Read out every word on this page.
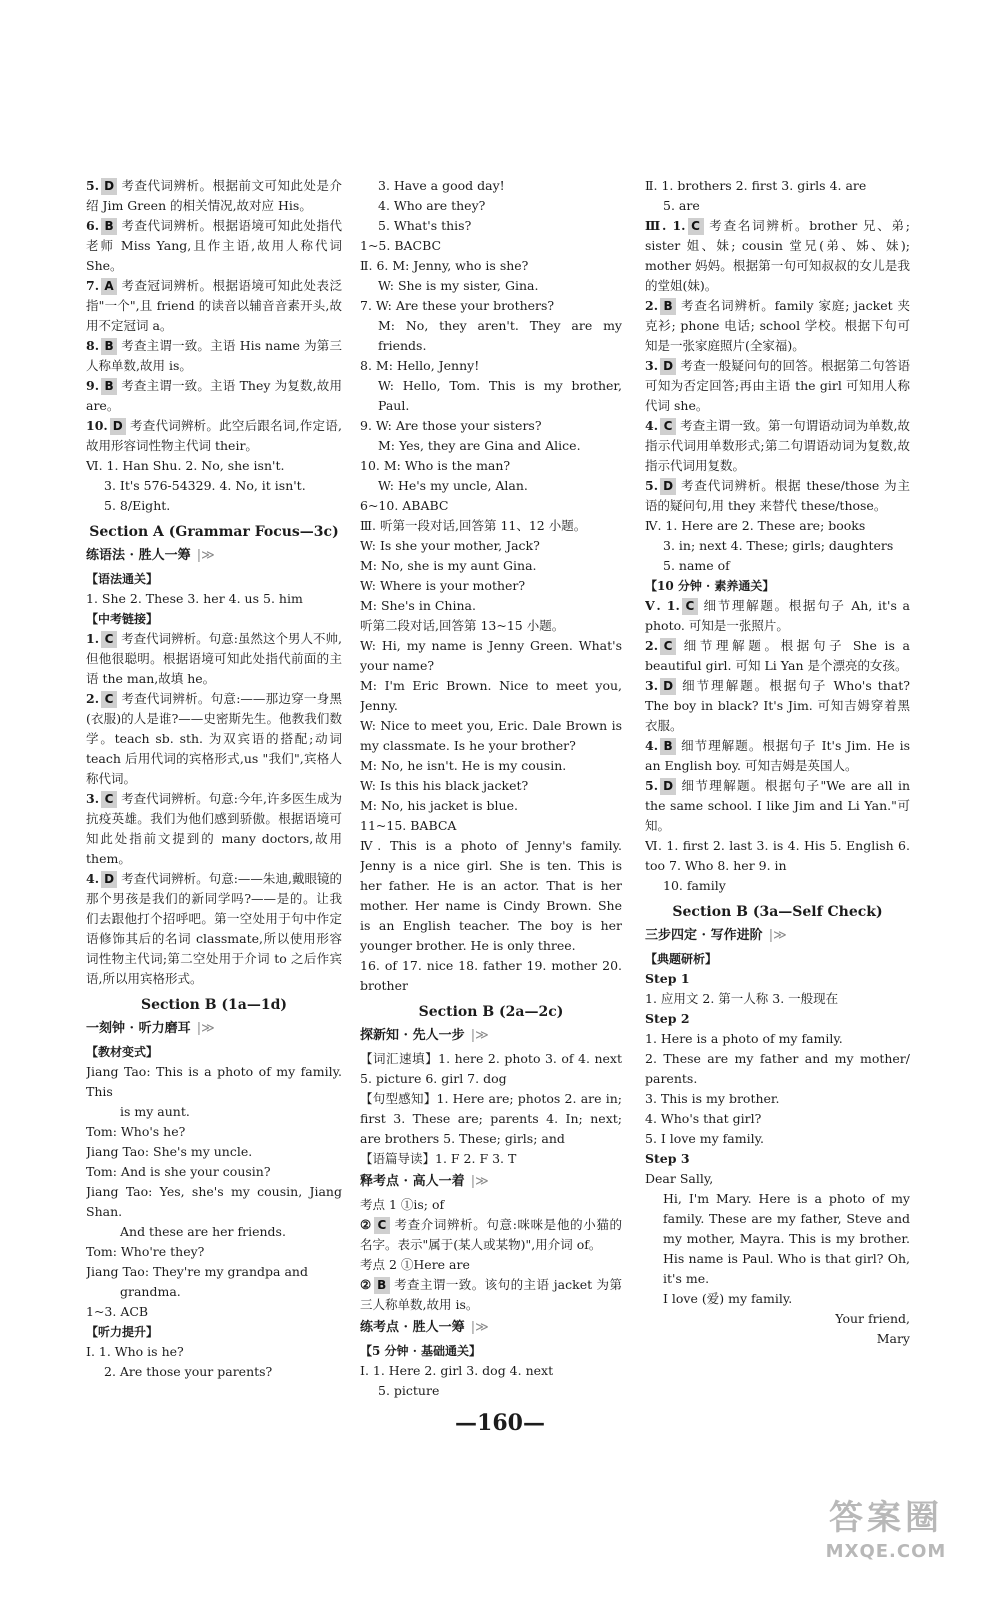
5. D 考查代词辨析。根据前文可知此处是介绍 Jim Green 的相关情况,故对应 His。
6. B 考查代词辨析。根据语境可知此处指代老师 Miss Yang,且作主语,故用人称代词 She。
7. A 考查冠词辨析。根据语境可知此处表泛指"一个",且 friend 的读音以辅音音素开头,故用不定冠词 a。
8. B 考查主谓一致。主语 His name 为第三人称单数,故用 is。
9. B 考查主谓一致。主语 They 为复数,故用 are。
10. D 考查代词辨析。此空后跟名词,作定语,故用形容词性物主代词 their。
Ⅵ. 1. Han Shu. 2. No, she isn't.
3. It's 576-54329. 4. No, it isn't.
5. 8/Eight.
Section A (Grammar Focus—3c)
练语法 · 胜人一筹 |≫
【语法通关】
1. She 2. These 3. her 4. us 5. him
【中考链接】
1. C 考查代词辨析。句意:虽然这个男人不帅,但他很聪明。根据语境可知此处指代前面的主语 the man,故填 he。
2. C 考查代词辨析。句意:——那边穿一身黑(衣服)的人是谁?——史密斯先生。他教我们数学。teach sb. sth. 为双宾语的搭配;动词 teach 后用代词的宾格形式,us "我们",宾格人称代词。
3. C 考查代词辨析。句意:今年,许多医生成为抗疫英雄。我们为他们感到骄傲。根据语境可知此处指前文提到的 many doctors,故用 them。
4. D 考查代词辨析。句意:——朱迪,戴眼镜的那个男孩是我们的新同学吗?——是的。让我们去跟他打个招呼吧。第一空处用于句中作定语修饰其后的名词 classmate,所以使用形容词性物主代词;第二空处用于介词 to 之后作宾语,所以用宾格形式。
Section B (1a—1d)
一刻钟 · 听力磨耳 |≫
【教材变式】
Jiang Tao: This is a photo of my family. This
is my aunt.
Tom: Who's he?
Jiang Tao: She's my uncle.
Tom: And is she your cousin?
Jiang Tao: Yes, she's my cousin, Jiang Shan.
And these are her friends.
Tom: Who're they?
Jiang Tao: They're my grandpa and
grandma.
1~3. ACB
【听力提升】
Ⅰ. 1. Who is he?
2. Are those your parents?
3. Have a good day!
4. Who are they?
5. What's this?
1~5. BACBC
Ⅱ. 6. M: Jenny, who is she?
W: She is my sister, Gina.
7. W: Are these your brothers?
M: No, they aren't. They are my friends.
8. M: Hello, Jenny!
W: Hello, Tom. This is my brother, Paul.
9. W: Are those your sisters?
M: Yes, they are Gina and Alice.
10. M: Who is the man?
W: He's my uncle, Alan.
6~10. ABABC
Ⅲ. 听第一段对话,回答第 11、12 小题。
W: Is she your mother, Jack?
M: No, she is my aunt Gina.
W: Where is your mother?
M: She's in China.
听第二段对话,回答第 13~15 小题。
W: Hi, my name is Jenny Green. What's your name?
M: I'm Eric Brown. Nice to meet you, Jenny.
W: Nice to meet you, Eric. Dale Brown is my classmate. Is he your brother?
M: No, he isn't. He is my cousin.
W: Is this his black jacket?
M: No, his jacket is blue.
11~15. BABCA
Ⅳ. This is a photo of Jenny's family. Jenny is a nice girl. She is ten. This is her father. He is an actor. That is her mother. Her name is Cindy Brown. She is an English teacher. The boy is her younger brother. He is only three.
16. of 17. nice 18. father 19. mother 20. brother
Section B (2a—2c)
探新知 · 先人一步 |≫
【词汇速填】1. here 2. photo 3. of 4. next 5. picture 6. girl 7. dog
【句型感知】1. Here are; photos 2. are in; first 3. These are; parents 4. In; next; are brothers 5. These; girls; and
【语篇导读】1. F 2. F 3. T
释考点 · 高人一着 |≫
考点 1 ①is; of
② C 考查介词辨析。句意:咪咪是他的小猫的名字。表示"属于(某人或某物)",用介词 of。
考点 2 ①Here are
② B 考查主谓一致。该句的主语 jacket 为第三人称单数,故用 is。
练考点 · 胜人一筹 |≫
【5 分钟 · 基础通关】
Ⅰ. 1. Here 2. girl 3. dog 4. next
5. picture
Ⅱ. 1. brothers 2. first 3. girls 4. are
5. are
Ⅲ. 1. C 考查名词辨析。brother 兄、弟; sister 姐、妹; cousin 堂兄(弟、姊、妹); mother 妈妈。根据第一句可知叔叔的女儿是我的堂姐(妹)。
2. B 考查名词辨析。family 家庭; jacket 夹克衫; phone 电话; school 学校。根据下句可知是一张家庭照片(全家福)。
3. D 考查一般疑问句的回答。根据第二句答语可知为否定回答;再由主语 the girl 可知用人称代词 she。
4. C 考查主谓一致。第一句谓语动词为单数,故指示代词用单数形式;第二句谓语动词为复数,故指示代词用复数。
5. D 考查代词辨析。根据 these/those 为主语的疑问句,用 they 来替代 these/those。
Ⅳ. 1. Here are 2. These are; books
3. in; next 4. These; girls; daughters
5. name of
【10 分钟 · 素养通关】
Ⅴ. 1. C 细节理解题。根据句子 Ah, it's a photo. 可知是一张照片。
2. C 细节理解题。根据句子 She is a beautiful girl. 可知 Li Yan 是个漂亮的女孩。
3. D 细节理解题。根据句子 Who's that? The boy in black? It's Jim. 可知吉姆穿着黑衣服。
4. B 细节理解题。根据句子 It's Jim. He is an English boy. 可知吉姆是英国人。
5. D 细节理解题。根据句子"We are all in the same school. I like Jim and Li Yan."可知。
Ⅵ. 1. first 2. last 3. is 4. His 5. English 6. too 7. Who 8. her 9. in
10. family
Section B (3a—Self Check)
三步四定 · 写作进阶 |≫
【典题研析】
Step 1
1. 应用文 2. 第一人称 3. 一般现在
Step 2
1. Here is a photo of my family.
2. These are my father and my mother/ parents.
3. This is my brother.
4. Who's that girl?
5. I love my family.
Step 3
Dear Sally,
Hi, I'm Mary. Here is a photo of my family. These are my father, Steve and my mother, Mayra. This is my brother. His name is Paul. Who is that girl? Oh, it's me.
I love (爱) my family.
Your friend,
Mary
—160—
答案圈
MXQE.COM
